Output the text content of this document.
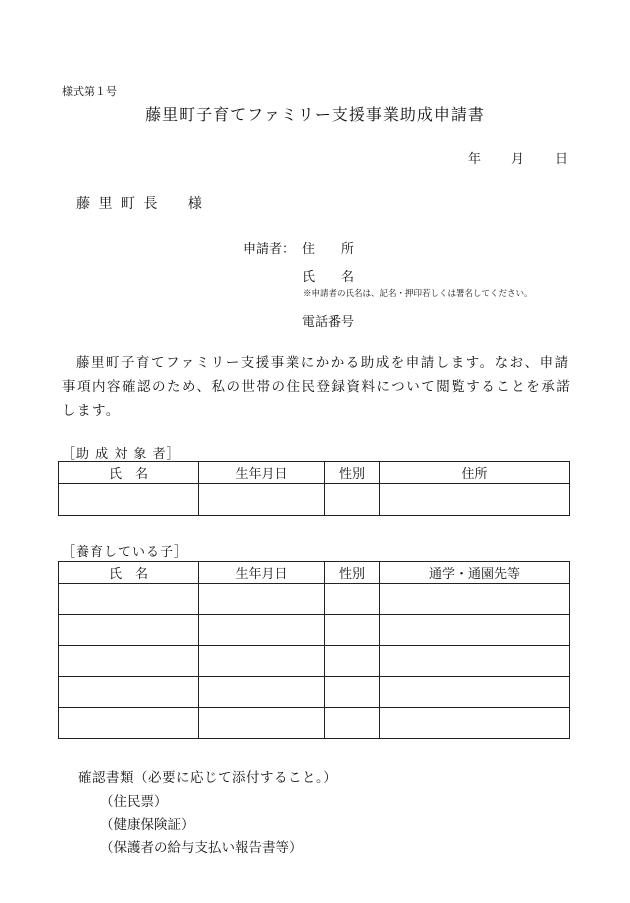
様式第１号
藤里町子育てファミリー支援事業助成申請書
年 月 日
藤 里 町 長 様
申請者： 住　　所
氏　　名
※申請者の氏名は、記名・押印若しくは署名してください。
電話番号
藤里町子育てファミリー支援事業にかかる助成を申請します。なお、申請事項内容確認のため、私の世帯の住民登録資料について閲覧することを承諾します。
［助 成 対 象 者］
氏　名	生年月日	性別	住所

［養育している子］
氏　名	生年月日	性別	通学・通園先等

確認書類（必要に応じて添付すること。）
（住民票）
（健康保険証）
（保護者の給与支払い報告書等）
